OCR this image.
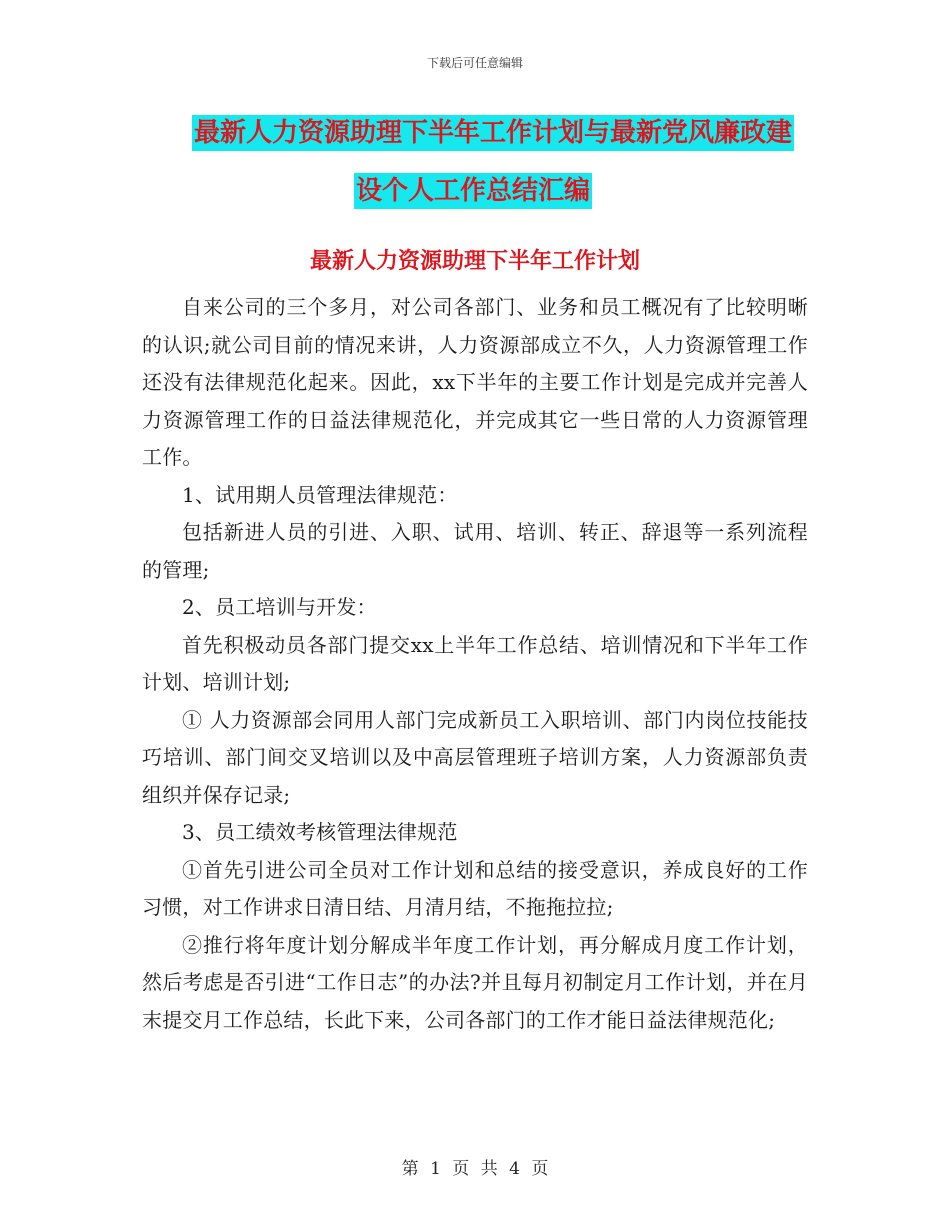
下载后可任意编辑
最新人力资源助理下半年工作计划与最新党风廉政建
设个人工作总结汇编
最新人力资源助理下半年工作计划

自来公司的三个多月，对公司各部门、业务和员工概况有了比较明晰的认识;就公司目前的情况来讲，人力资源部成立不久，人力资源管理工作还没有法律规范化起来。因此，xx下半年的主要工作计划是完成并完善人力资源管理工作的日益法律规范化，并完成其它一些日常的人力资源管理工作。

1、试用期人员管理法律规范：

包括新进人员的引进、入职、试用、培训、转正、辞退等一系列流程的管理;

2、员工培训与开发：

首先积极动员各部门提交xx上半年工作总结、培训情况和下半年工作计划、培训计划;

① 人力资源部会同用人部门完成新员工入职培训、部门内岗位技能技巧培训、部门间交叉培训以及中高层管理班子培训方案，人力资源部负责组织并保存记录;

3、员工绩效考核管理法律规范

①首先引进公司全员对工作计划和总结的接受意识，养成良好的工作习惯，对工作讲求日清日结、月清月结，不拖拖拉拉;

②推行将年度计划分解成半年度工作计划，再分解成月度工作计划，然后考虑是否引进“工作日志”的办法?并且每月初制定月工作计划，并在月末提交月工作总结，长此下来，公司各部门的工作才能日益法律规范化;

第 1 页 共 4 页
